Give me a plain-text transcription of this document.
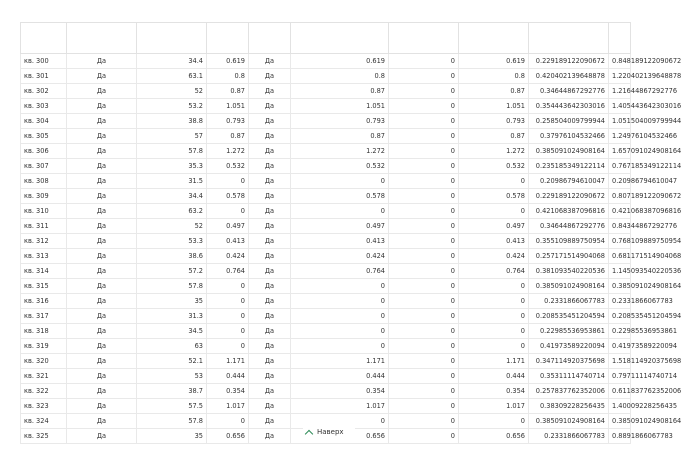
кв. 300	Да	34.4	0.619	Да	0.619	0	0.619	0.229189122090672	0.848189122090672
кв. 301	Да	63.1	0.8	Да	0.8	0	0.8	0.420402139648878	1.220402139648878
кв. 302	Да	52	0.87	Да	0.87	0	0.87	0.34644867292776	1.21644867292776
кв. 303	Да	53.2	1.051	Да	1.051	0	1.051	0.354443642303016	1.405443642303016
кв. 304	Да	38.8	0.793	Да	0.793	0	0.793	0.258504009799944	1.051504009799944
кв. 305	Да	57	0.87	Да	0.87	0	0.87	0.37976104532466	1.24976104532466
кв. 306	Да	57.8	1.272	Да	1.272	0	1.272	0.385091024908164	1.657091024908164
кв. 307	Да	35.3	0.532	Да	0.532	0	0.532	0.235185349122114	0.767185349122114
кв. 308	Да	31.5	0	Да	0	0	0	0.20986794610047	0.20986794610047
кв. 309	Да	34.4	0.578	Да	0.578	0	0.578	0.229189122090672	0.807189122090672
кв. 310	Да	63.2	0	Да	0	0	0	0.421068387096816	0.421068387096816
кв. 311	Да	52	0.497	Да	0.497	0	0.497	0.34644867292776	0.84344867292776
кв. 312	Да	53.3	0.413	Да	0.413	0	0.413	0.355109889750954	0.768109889750954
кв. 313	Да	38.6	0.424	Да	0.424	0	0.424	0.257171514904068	0.681171514904068
кв. 314	Да	57.2	0.764	Да	0.764	0	0.764	0.381093540220536	1.145093540220536
кв. 315	Да	57.8	0	Да	0	0	0	0.385091024908164	0.385091024908164
кв. 316	Да	35	0	Да	0	0	0	0.2331866067783	0.2331866067783
кв. 317	Да	31.3	0	Да	0	0	0	0.208535451204594	0.208535451204594
кв. 318	Да	34.5	0	Да	0	0	0	0.22985536953861	0.22985536953861
кв. 319	Да	63	0	Да	0	0	0	0.41973589220094	0.41973589220094
кв. 320	Да	52.1	1.171	Да	1.171	0	1.171	0.347114920375698	1.518114920375698
кв. 321	Да	53	0.444	Да	0.444	0	0.444	0.35311114740714	0.79711114740714
кв. 322	Да	38.7	0.354	Да	0.354	0	0.354	0.257837762352006	0.611837762352006
кв. 323	Да	57.5	1.017	Да	1.017	0	1.017	0.38309228256435	1.40009228256435
кв. 324	Да	57.8	0	Да	0	0	0	0.385091024908164	0.385091024908164
кв. 325	Да	35	0.656	Да	0.656	0	0.656	0.2331866067783	0.8891866067783
Наверх
